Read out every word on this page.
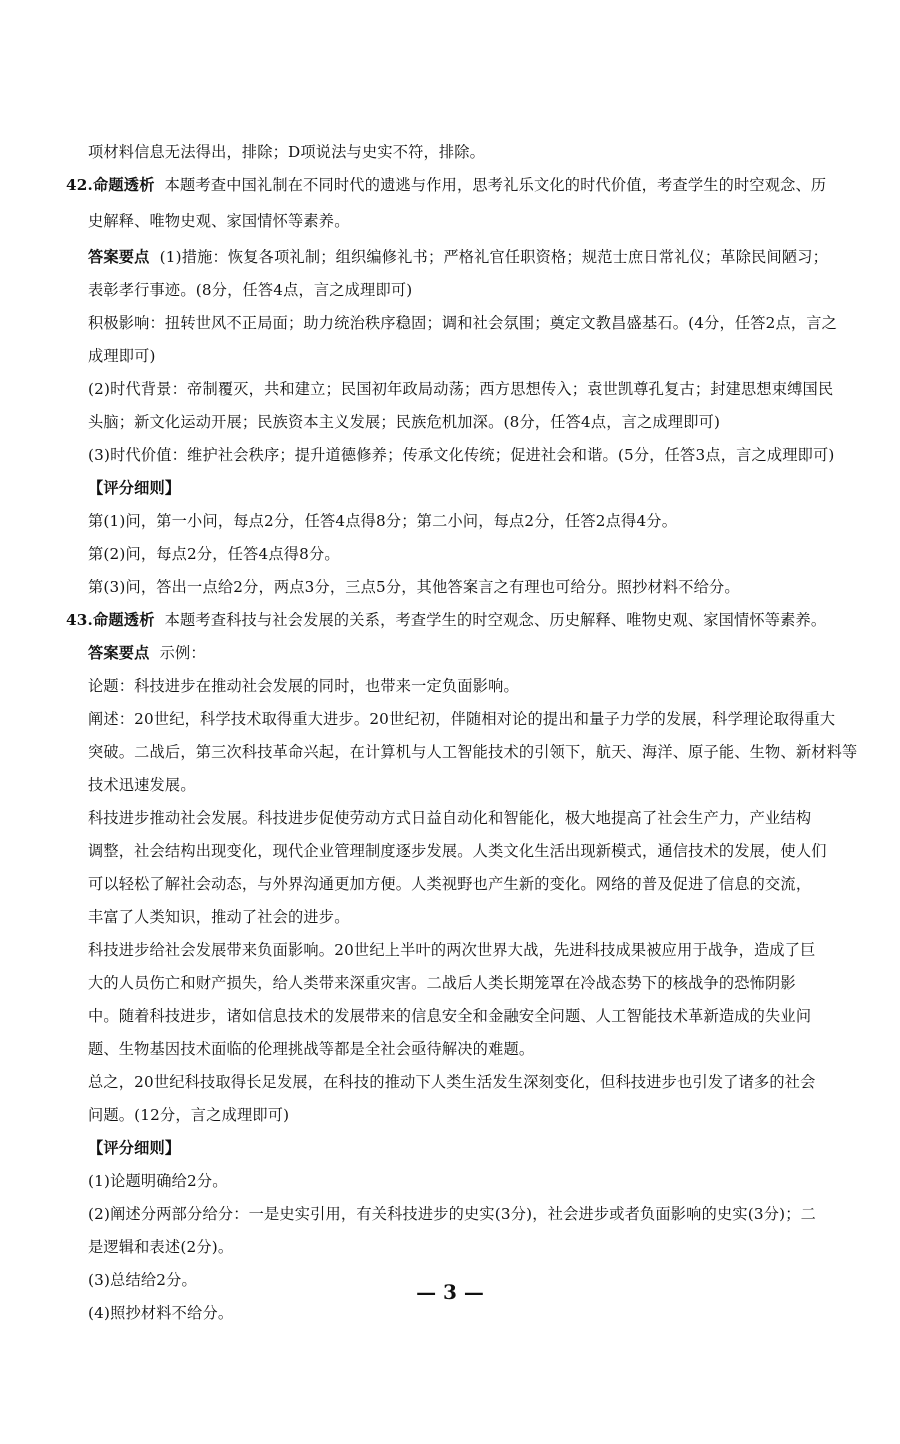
项材料信息无法得出，排除；D项说法与史实不符，排除。

42.命题透析 本题考查中国礼制在不同时代的遗逃与作用，思考礼乐文化的时代价值，考查学生的时空观念、历

史解释、唯物史观、家国情怀等素养。

答案要点 (1)措施：恢复各项礼制；组织编修礼书；严格礼官任职资格；规范士庶日常礼仪；革除民间陋习；

表彰孝行事迹。(8分，任答4点，言之成理即可)

积极影响：扭转世风不正局面；助力统治秩序稳固；调和社会氛围；奠定文教昌盛基石。(4分，任答2点，言之

成理即可)

(2)时代背景：帝制覆灭，共和建立；民国初年政局动荡；西方思想传入；袁世凯尊孔复古；封建思想束缚国民

头脑；新文化运动开展；民族资本主义发展；民族危机加深。(8分，任答4点，言之成理即可)

(3)时代价值：维护社会秩序；提升道德修养；传承文化传统；促进社会和谐。(5分，任答3点，言之成理即可)

【评分细则】

第(1)问，第一小问，每点2分，任答4点得8分；第二小问，每点2分，任答2点得4分。

第(2)问，每点2分，任答4点得8分。

第(3)问，答出一点给2分，两点3分，三点5分，其他答案言之有理也可给分。照抄材料不给分。

43.命题透析 本题考查科技与社会发展的关系，考查学生的时空观念、历史解释、唯物史观、家国情怀等素养。

答案要点 示例：

论题：科技进步在推动社会发展的同时，也带来一定负面影响。

阐述：20世纪，科学技术取得重大进步。20世纪初，伴随相对论的提出和量子力学的发展，科学理论取得重大

突破。二战后，第三次科技革命兴起，在计算机与人工智能技术的引领下，航天、海洋、原子能、生物、新材料等

技术迅速发展。

科技进步推动社会发展。科技进步促使劳动方式日益自动化和智能化，极大地提高了社会生产力，产业结构

调整，社会结构出现变化，现代企业管理制度逐步发展。人类文化生活出现新模式，通信技术的发展，使人们

可以轻松了解社会动态，与外界沟通更加方便。人类视野也产生新的变化。网络的普及促进了信息的交流，

丰富了人类知识，推动了社会的进步。

科技进步给社会发展带来负面影响。20世纪上半叶的两次世界大战，先进科技成果被应用于战争，造成了巨

大的人员伤亡和财产损失，给人类带来深重灾害。二战后人类长期笼罩在冷战态势下的核战争的恐怖阴影

中。随着科技进步，诸如信息技术的发展带来的信息安全和金融安全问题、人工智能技术革新造成的失业问

题、生物基因技术面临的伦理挑战等都是全社会亟待解决的难题。

总之，20世纪科技取得长足发展，在科技的推动下人类生活发生深刻变化，但科技进步也引发了诸多的社会

问题。(12分，言之成理即可)

【评分细则】

(1)论题明确给2分。

(2)阐述分两部分给分：一是史实引用，有关科技进步的史实(3分)，社会进步或者负面影响的史实(3分)；二

是逻辑和表述(2分)。

(3)总结给2分。

(4)照抄材料不给分。

— 3 —
